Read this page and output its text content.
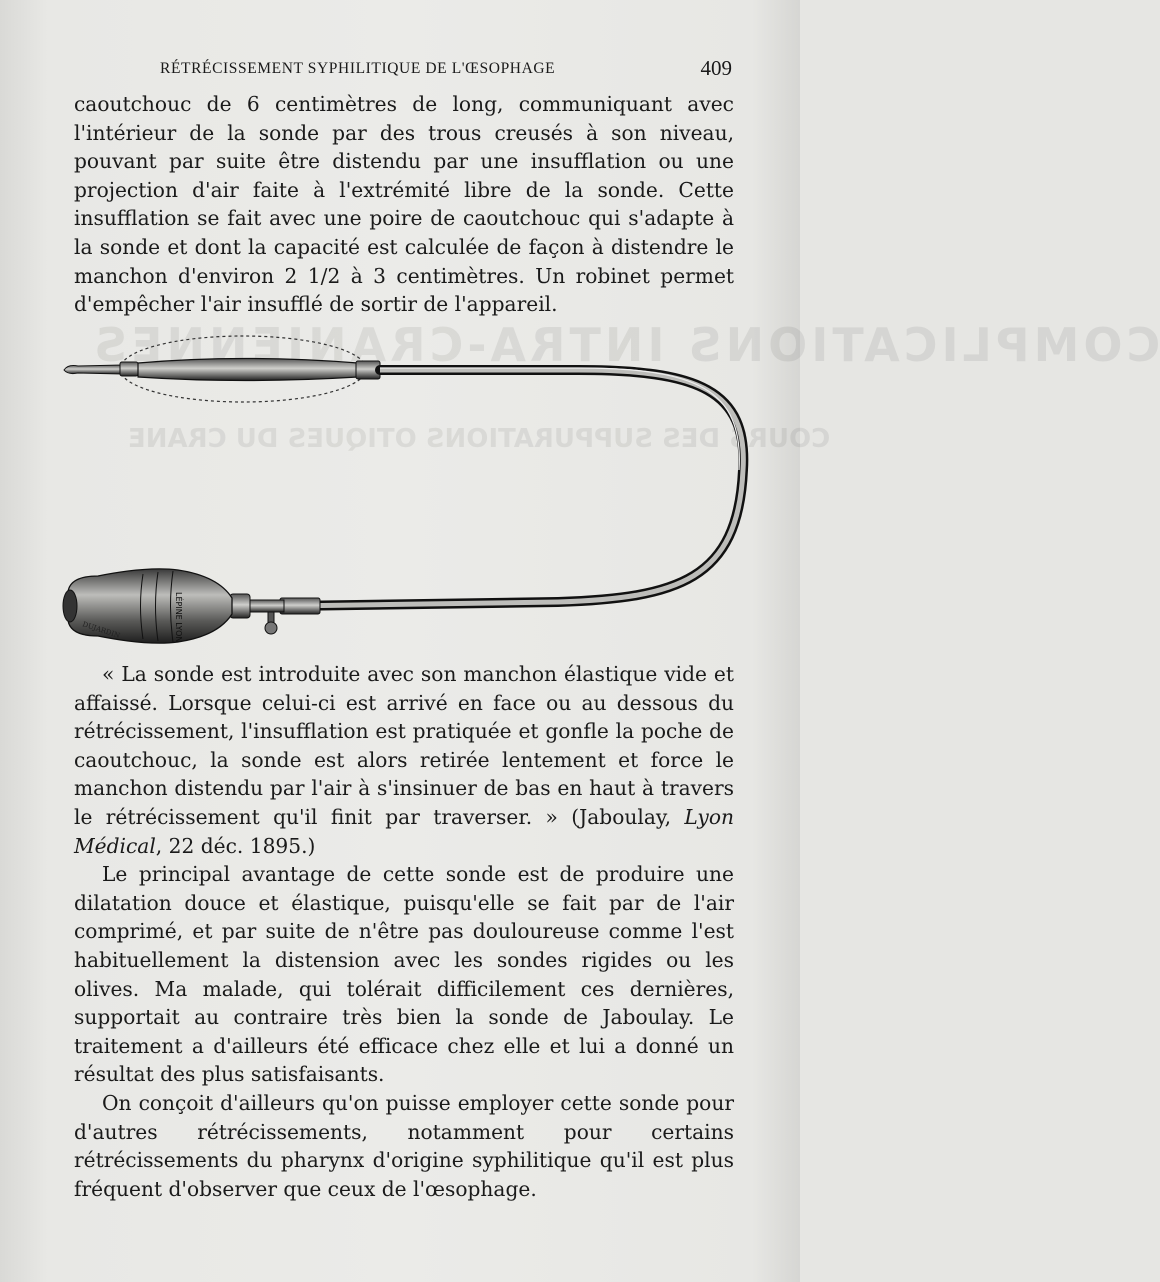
COMPLICATIONS INTRA-CRANIENNES
COURS DES SUPPURATIONS OTIQUES DU CRANE
RÉTRÉCISSEMENT SYPHILITIQUE DE L'ŒSOPHAGE	409

caoutchouc de 6 centimètres de long, communiquant avec l'intérieur de la sonde par des trous creusés à son niveau, pouvant par suite être distendu par une insufflation ou une projection d'air faite à l'extrémité libre de la sonde. Cette insufflation se fait avec une poire de caoutchouc qui s'adapte à la sonde et dont la capacité est calculée de façon à distendre le manchon d'environ 2 1/2 à 3 centimètres. Un robinet permet d'empêcher l'air insufflé de sortir de l'appareil.

LÉPINE LYON
DUJARDIN

« La sonde est introduite avec son manchon élastique vide et affaissé. Lorsque celui-ci est arrivé en face ou au dessous du rétrécissement, l'insufflation est pratiquée et gonfle la poche de caoutchouc, la sonde est alors retirée lentement et force le manchon distendu par l'air à s'insinuer de bas en haut à travers le rétrécissement qu'il finit par traverser. » (Jaboulay, Lyon Médical, 22 déc. 1895.)

Le principal avantage de cette sonde est de produire une dilatation douce et élastique, puisqu'elle se fait par de l'air comprimé, et par suite de n'être pas douloureuse comme l'est habituellement la distension avec les sondes rigides ou les olives. Ma malade, qui tolérait difficilement ces dernières, supportait au contraire très bien la sonde de Jaboulay. Le traitement a d'ailleurs été efficace chez elle et lui a donné un résultat des plus satisfaisants.

On conçoit d'ailleurs qu'on puisse employer cette sonde pour d'autres rétrécissements, notamment pour certains rétrécissements du pharynx d'origine syphilitique qu'il est plus fréquent d'observer que ceux de l'œsophage.
